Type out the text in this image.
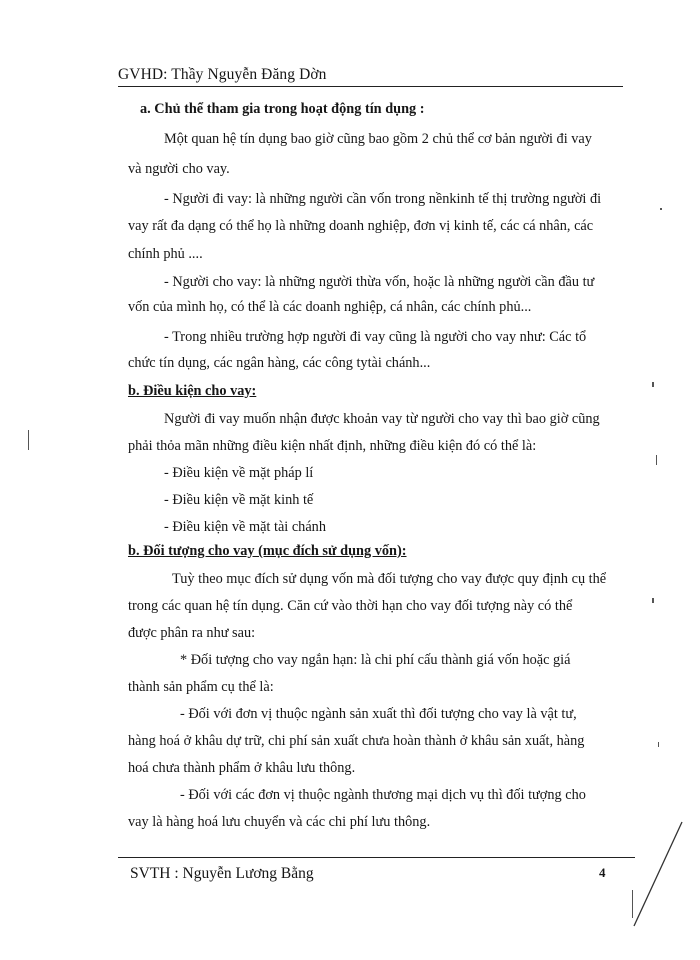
GVHD: Thầy Nguyễn Đăng Dờn
a. Chủ thể tham gia trong hoạt động tín dụng :
Một quan hệ tín dụng bao giờ cũng bao gồm 2 chủ thể cơ bản người đi vay
và người cho vay.
- Người đi vay: là những người cần vốn trong nềnkinh tế thị trường người đi
vay rất đa dạng có thể họ là những doanh nghiệp, đơn vị kinh tế, các cá nhân, các
chính phủ ....
- Người cho vay: là những người thừa vốn, hoặc là những người cần đầu tư
vốn của mình họ, có thể là các doanh nghiệp, cá nhân, các chính phủ...
- Trong nhiều trường hợp người đi vay cũng là người cho vay như: Các tổ
chức tín dụng, các ngân hàng, các công tytài chánh...
b. Điều kiện cho vay:
Người đi vay muốn nhận được khoản vay từ người cho vay thì bao giờ cũng
phải thỏa mãn những điều kiện nhất định, những điều kiện đó có thể là:
- Điều kiện về mặt pháp lí
- Điều kiện về mặt kinh tế
- Điều kiện về mặt tài chánh
b. Đối tượng cho vay (mục đích sử dụng vốn):
Tuỳ theo mục đích sử dụng vốn mà đối tượng cho vay được quy định cụ thể
trong các quan hệ tín dụng. Căn cứ vào thời hạn cho vay đối tượng này có thể
được phân ra như sau:
* Đối tượng cho vay ngắn hạn: là chi phí cấu thành giá vốn hoặc giá
thành sản phẩm cụ thể là:
- Đối với đơn vị thuộc ngành sản xuất thì đối tượng cho vay là vật tư,
hàng hoá ở khâu dự trữ, chi phí sản xuất chưa hoàn thành ở khâu sản xuất, hàng
hoá chưa thành phẩm ở khâu lưu thông.
- Đối với các đơn vị thuộc ngành thương mại dịch vụ thì đối tượng cho
vay là hàng hoá lưu chuyển và các chi phí lưu thông.
SVTH : Nguyễn Lương Bằng	4
